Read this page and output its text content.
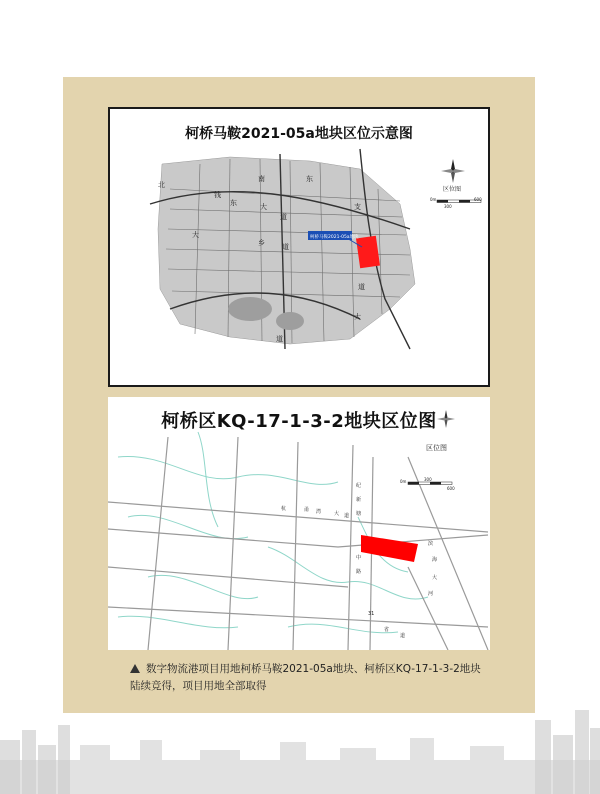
柯桥马鞍2021-05a地块区位示意图
柯桥马鞍2021-05a地块
北
钱
大
道
东
支
南
东
乡 道
大
道
大
道
区位图
0m
300
600
柯桥区KQ-17-1-3-2地块区位图
杭	甬 湾	大 道
纪
新
塘
中
路
滨
海
大
河
31
省
道
区位图
0m	300
600
数字物流港项目用地柯桥马鞍2021-05a地块、柯桥区KQ-17-1-3-2地块陆续竞得，项目用地全部取得
